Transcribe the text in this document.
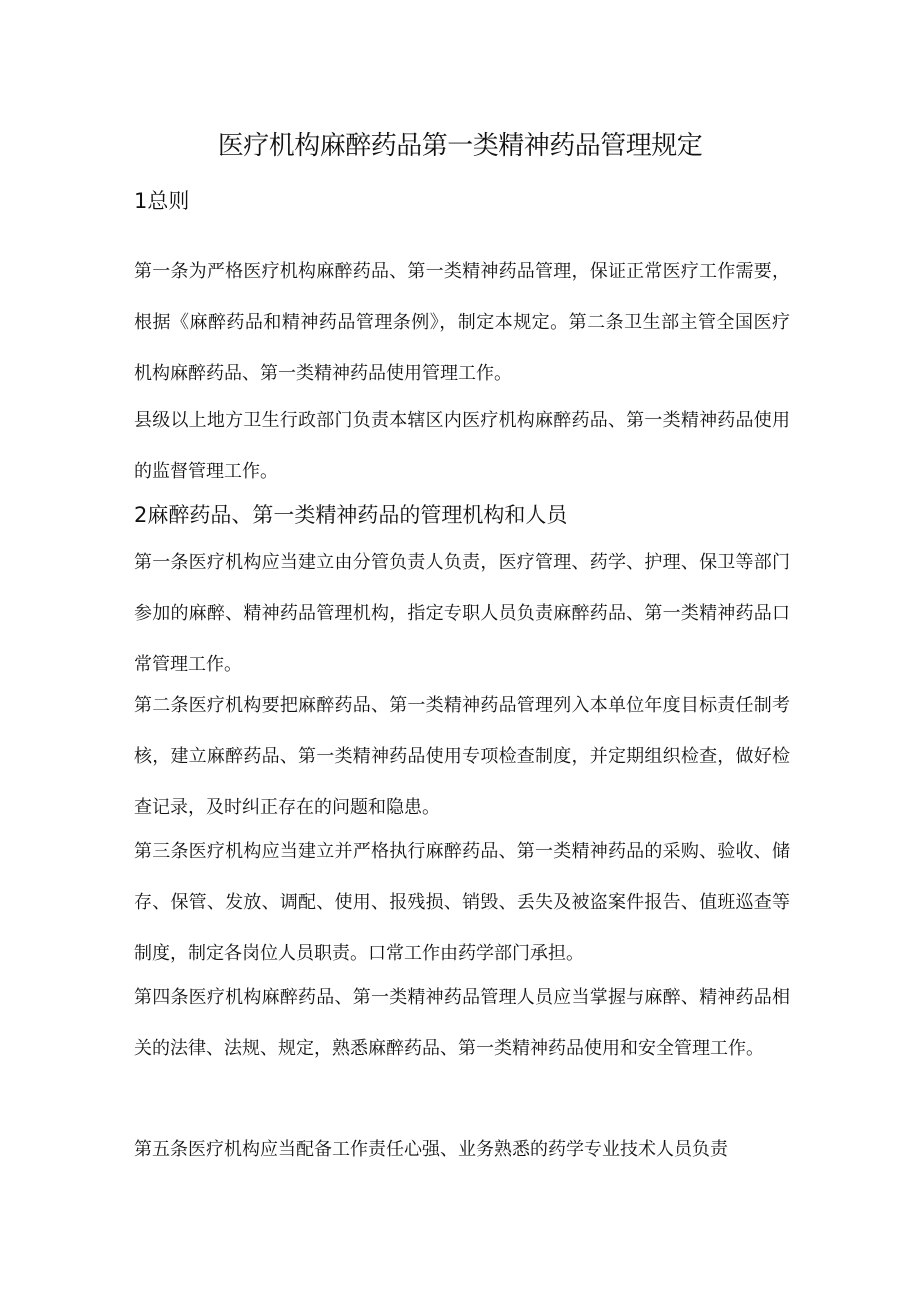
医疗机构麻醉药品第一类精神药品管理规定
1总则
第一条为严格医疗机构麻醉药品、第一类精神药品管理，保证正常医疗工作需要，根据《麻醉药品和精神药品管理条例》，制定本规定。第二条卫生部主管全国医疗机构麻醉药品、第一类精神药品使用管理工作。
县级以上地方卫生行政部门负责本辖区内医疗机构麻醉药品、第一类精神药品使用的监督管理工作。
2麻醉药品、第一类精神药品的管理机构和人员
第一条医疗机构应当建立由分管负责人负责，医疗管理、药学、护理、保卫等部门参加的麻醉、精神药品管理机构，指定专职人员负责麻醉药品、第一类精神药品口常管理工作。
第二条医疗机构要把麻醉药品、第一类精神药品管理列入本单位年度目标责任制考核，建立麻醉药品、第一类精神药品使用专项检查制度，并定期组织检查，做好检查记录，及时纠正存在的问题和隐患。
第三条医疗机构应当建立并严格执行麻醉药品、第一类精神药品的采购、验收、储存、保管、发放、调配、使用、报残损、销毁、丢失及被盗案件报告、值班巡查等制度，制定各岗位人员职责。口常工作由药学部门承担。
第四条医疗机构麻醉药品、第一类精神药品管理人员应当掌握与麻醉、精神药品相关的法律、法规、规定，熟悉麻醉药品、第一类精神药品使用和安全管理工作。
第五条医疗机构应当配备工作责任心强、业务熟悉的药学专业技术人员负责
